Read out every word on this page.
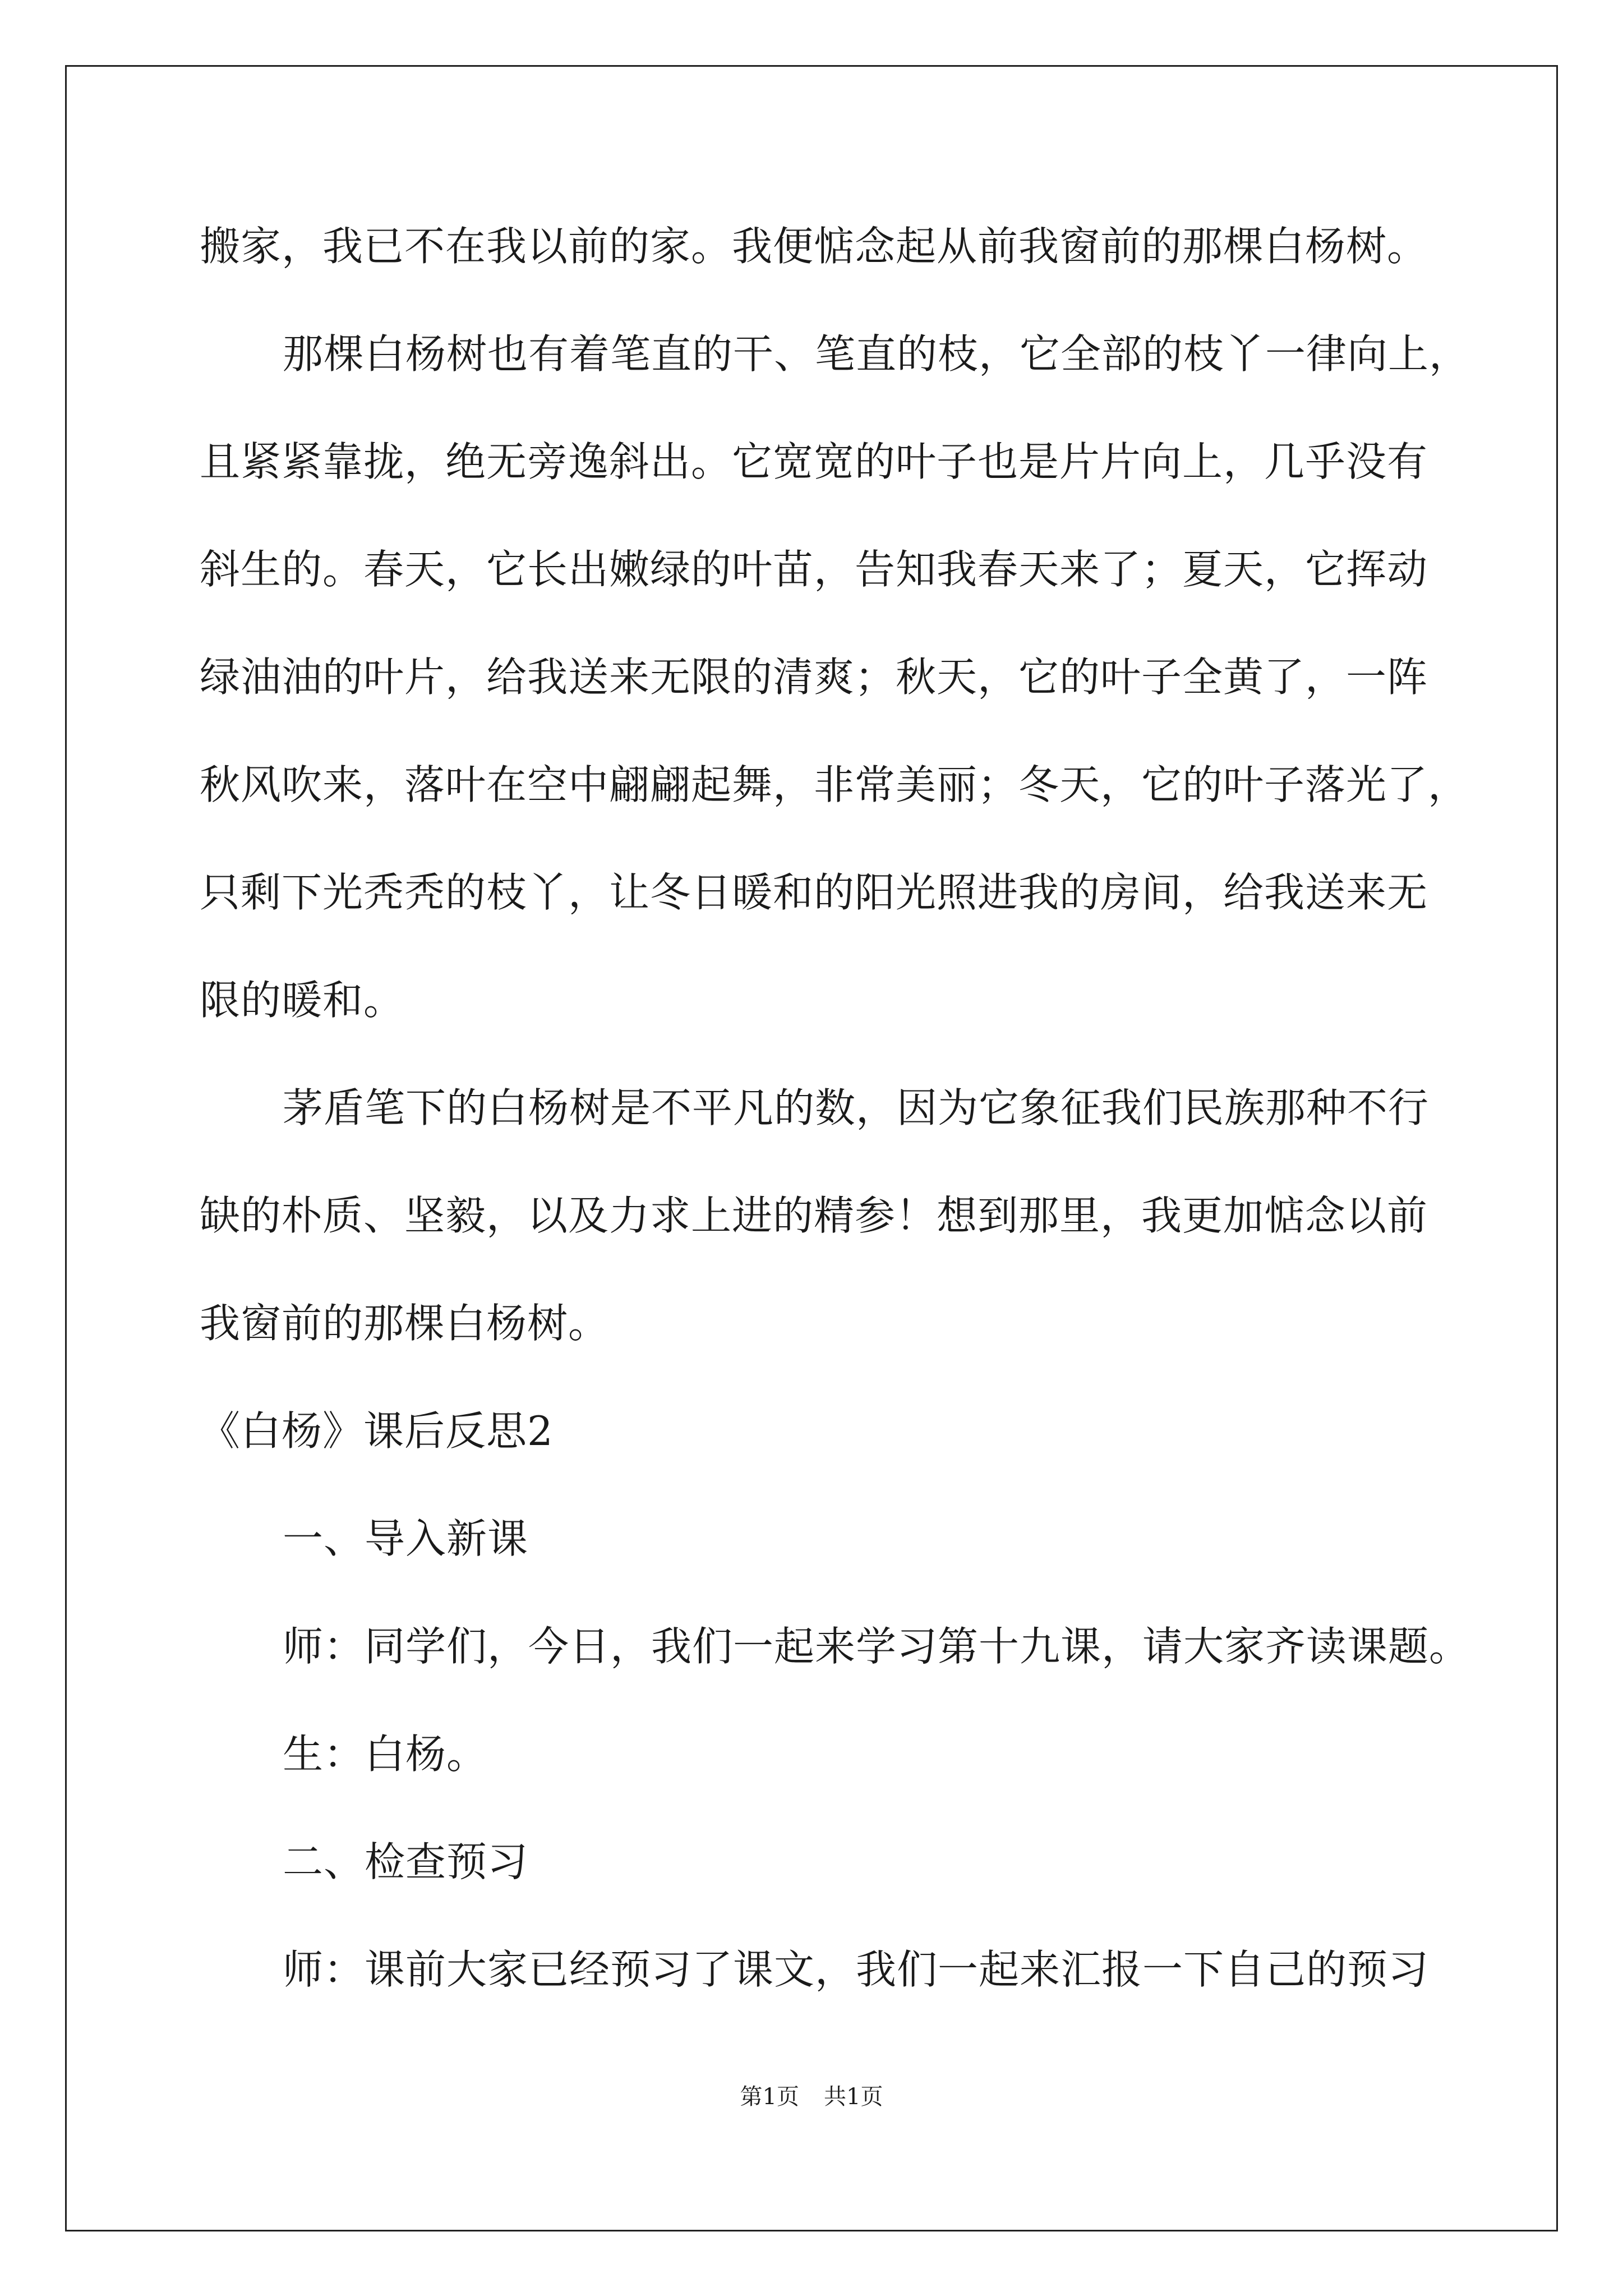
搬家，我已不在我以前的家。我便惦念起从前我窗前的那棵白杨树。
那棵白杨树也有着笔直的干、笔直的枝，它全部的枝丫一律向上，
且紧紧靠拢，绝无旁逸斜出。它宽宽的叶子也是片片向上，几乎没有
斜生的。春天，它长出嫩绿的叶苗，告知我春天来了；夏天，它挥动
绿油油的叶片，给我送来无限的清爽；秋天，它的叶子全黄了，一阵
秋风吹来，落叶在空中翩翩起舞，非常美丽；冬天，它的叶子落光了，
只剩下光秃秃的枝丫，让冬日暖和的阳光照进我的房间，给我送来无
限的暖和。
茅盾笔下的白杨树是不平凡的数，因为它象征我们民族那种不行
缺的朴质、坚毅，以及力求上进的精参！想到那里，我更加惦念以前
我窗前的那棵白杨树。
《白杨》课后反思2
一、导入新课
师：同学们，今日，我们一起来学习第十九课，请大家齐读课题。
生：白杨。
二、检查预习
师：课前大家已经预习了课文，我们一起来汇报一下自己的预习
第1页 共1页
